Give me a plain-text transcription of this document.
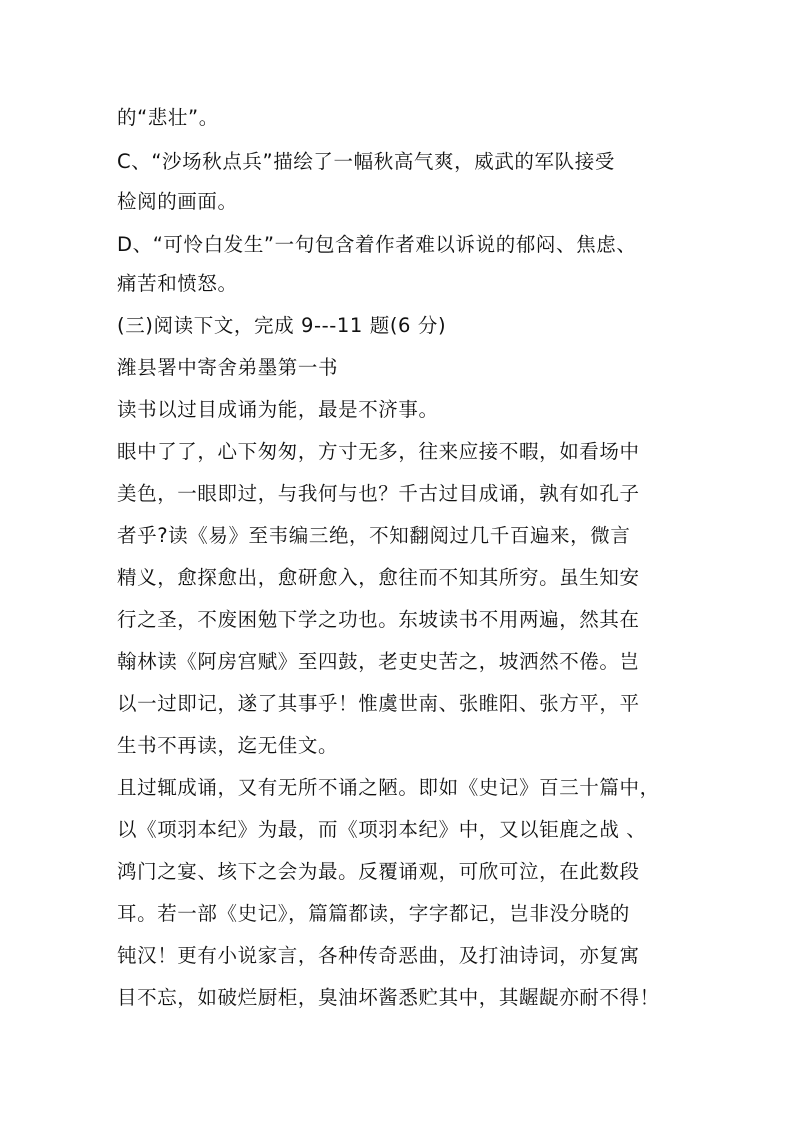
的“悲壮”。
C、“沙场秋点兵”描绘了一幅秋高气爽，威武的军队接受
检阅的画面。
D、“可怜白发生”一句包含着作者难以诉说的郁闷、焦虑、
痛苦和愤怒。
(三)阅读下文，完成 9---11 题(6 分)
潍县署中寄舍弟墨第一书
读书以过目成诵为能，最是不济事。
眼中了了，心下匆匆，方寸无多，往来应接不暇，如看场中
美色，一眼即过，与我何与也？千古过目成诵，孰有如孔子
者乎?读《易》至韦编三绝，不知翻阅过几千百遍来，微言
精义，愈探愈出，愈研愈入，愈往而不知其所穷。虽生知安
行之圣，不废困勉下学之功也。东坡读书不用两遍，然其在
翰林读《阿房宫赋》至四鼓，老吏史苦之，坡洒然不倦。岂
以一过即记，遂了其事乎！惟虞世南、张睢阳、张方平，平
生书不再读，迄无佳文。
且过辄成诵，又有无所不诵之陋。即如《史记》百三十篇中，
以《项羽本纪》为最，而《项羽本纪》中，又以钜鹿之战 、
鸿门之宴、垓下之会为最。反覆诵观，可欣可泣，在此数段
耳。若一部《史记》，篇篇都读，字字都记，岂非没分晓的
钝汉！更有小说家言，各种传奇恶曲，及打油诗词，亦复寓
目不忘，如破烂厨柜，臭油坏酱悉贮其中，其龌龊亦耐不得！
